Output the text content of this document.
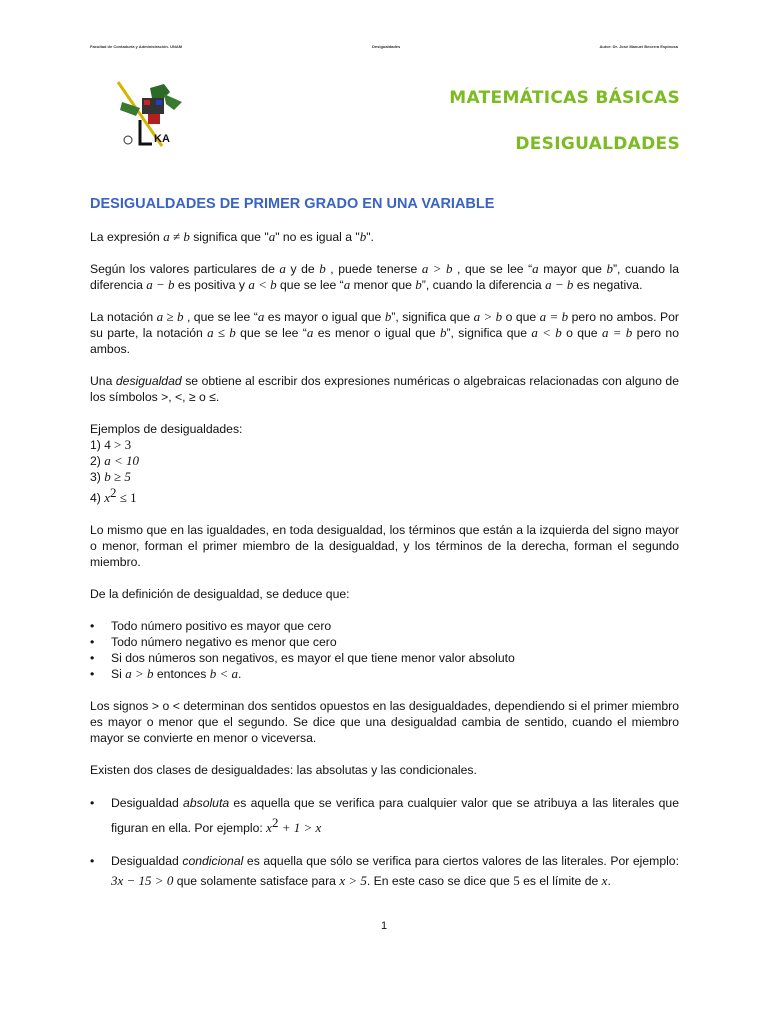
Facultad de Contaduría y Administración. UNAM	Desigualdades	Autor: Dr. José Manuel Becerra Espinosa
KA
MATEMÁTICAS BÁSICAS
DESIGUALDADES
DESIGUALDADES DE PRIMER GRADO EN UNA VARIABLE

La expresión a ≠ b significa que "a" no es igual a "b".

Según los valores particulares de a y de b , puede tenerse a > b , que se lee “a mayor que b”, cuando la diferencia a − b es positiva y a < b que se lee “a menor que b”, cuando la diferencia a − b es negativa.

La notación a ≥ b , que se lee “a es mayor o igual que b”, significa que a > b o que a = b pero no ambos. Por su parte, la notación a ≤ b que se lee “a es menor o igual que b”, significa que a < b o que a = b pero no ambos.

Una desigualdad se obtiene al escribir dos expresiones numéricas o algebraicas relacionadas con alguno de los símbolos >, <, ≥ o ≤.

Ejemplos de desigualdades:
1) 4 > 3
2) a < 10
3) b ≥ 5
4) $x^2 \le 1$

Lo mismo que en las igualdades, en toda desigualdad, los términos que están a la izquierda del signo mayor o menor, forman el primer miembro de la desigualdad, y los términos de la derecha, forman el segundo miembro.

De la definición de desigualdad, se deduce que:

• Todo número positivo es mayor que cero
• Todo número negativo es menor que cero
• Si dos números son negativos, es mayor el que tiene menor valor absoluto
• Si a > b entonces b < a.

Los signos > o < determinan dos sentidos opuestos en las desigualdades, dependiendo si el primer miembro es mayor o menor que el segundo. Se dice que una desigualdad cambia de sentido, cuando el miembro mayor se convierte en menor o viceversa.

Existen dos clases de desigualdades: las absolutas y las condicionales.

• Desigualdad absoluta es aquella que se verifica para cualquier valor que se atribuya a las literales que figuran en ella. Por ejemplo: $x^2 + 1 > x$
• Desigualdad condicional es aquella que sólo se verifica para ciertos valores de las literales. Por ejemplo: 3x − 15 > 0 que solamente satisface para x > 5. En este caso se dice que 5 es el límite de x.
1
